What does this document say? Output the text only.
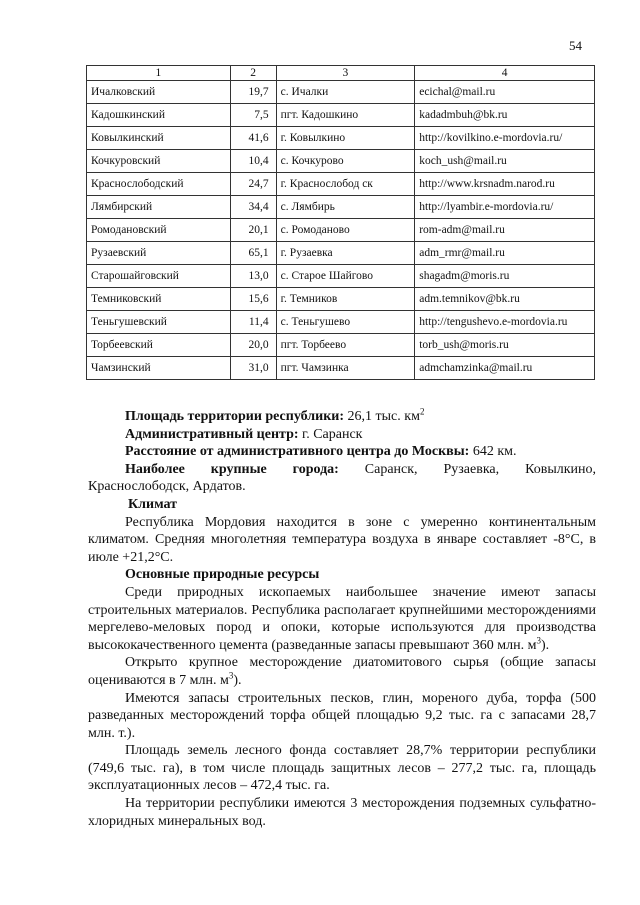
54
1	2	3	4
Ичалковский	19,7	с. Ичалки	ecichal@mail.ru
Кадошкинский	7,5	пгт. Кадошкино	kadadmbuh@bk.ru
Ковылкинский	41,6	г. Ковылкино	http://kovilkino.e-mordovia.ru/
Кочкуровский	10,4	с. Кочкурово	koch_ush@mail.ru
Краснослободский	24,7	г. Краснослобод ск	http://www.krsnadm.narod.ru
Лямбирский	34,4	с. Лямбирь	http://lyambir.e-mordovia.ru/
Ромодановский	20,1	с. Ромоданово	rom-adm@mail.ru
Рузаевский	65,1	г. Рузаевка	adm_rmr@mail.ru
Старошайговский	13,0	с. Старое Шайгово	shagadm@moris.ru
Темниковский	15,6	г. Темников	adm.temnikov@bk.ru
Теньгушевский	11,4	с. Теньгушево	http://tengushevo.e-mordovia.ru
Торбеевский	20,0	пгт. Торбеево	torb_ush@moris.ru
Чамзинский	31,0	пгт. Чамзинка	admchamzinka@mail.ru

Площадь территории республики: 26,1 тыс. $км^2$

Административный центр: г. Саранск

Расстояние от административного центра до Москвы: 642 км.

Наиболее крупные города: Саранск, Рузаевка, Ковылкино,

Краснослободск, Ардатов.

Климат

Республика Мордовия находится в зоне с умеренно континентальным климатом. Средняя многолетняя температура воздуха в январе составляет -8°С, в июле +21,2°С.

Основные природные ресурсы

Среди природных ископаемых наибольшее значение имеют запасы строительных материалов. Республика располагает крупнейшими месторождениями мергелево-меловых пород и опоки, которые используются для производства высококачественного цемента (разведанные запасы превышают 360 млн. $м^3$).

Открыто крупное месторождение диатомитового сырья (общие запасы оцениваются в 7 млн. $м^3$).

Имеются запасы строительных песков, глин, мореного дуба, торфа (500 разведанных месторождений торфа общей площадью 9,2 тыс. га с запасами 28,7 млн. т.).

Площадь земель лесного фонда составляет 28,7% территории республики (749,6 тыс. га), в том числе площадь защитных лесов – 277,2 тыс. га, площадь эксплуатационных лесов – 472,4 тыс. га.

На территории республики имеются 3 месторождения подземных сульфатно-хлоридных минеральных вод.
